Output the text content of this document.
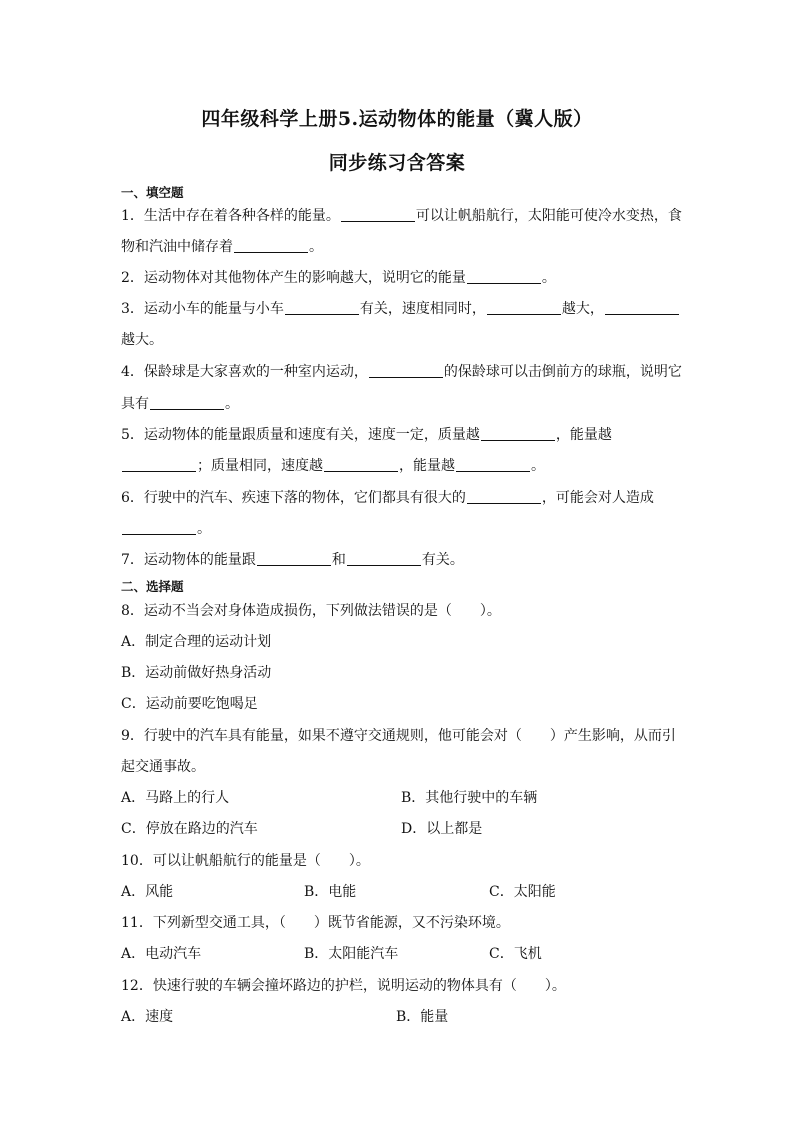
四年级科学上册5.运动物体的能量（冀人版）
同步练习含答案
一、填空题
1．生活中存在着各种各样的能量。	可以让帆船航行，太阳能可使冷水变热，食
物和汽油中储存着	。
2．运动物体对其他物体产生的影响越大，说明它的能量	。
3．运动小车的能量与小车	有关，速度相同时，	越大，
越大。
4．保龄球是大家喜欢的一种室内运动，	的保龄球可以击倒前方的球瓶，说明它
具有	。
5．运动物体的能量跟质量和速度有关，速度一定，质量越	，能量越
；质量相同，速度越	，能量越	。
6．行驶中的汽车、疾速下落的物体，它们都具有很大的	，可能会对人造成
。
7．运动物体的能量跟	和	有关。
二、选择题
8．运动不当会对身体造成损伤，下列做法错误的是（　　）。
A．制定合理的运动计划
B．运动前做好热身活动
C．运动前要吃饱喝足
9．行驶中的汽车具有能量，如果不遵守交通规则，他可能会对（　　）产生影响，从而引
起交通事故。
A．马路上的行人	B．其他行驶中的车辆
C．停放在路边的汽车	D．以上都是
10．可以让帆船航行的能量是（　　）。
A．风能	B．电能	C．太阳能
11．下列新型交通工具，（　　）既节省能源，又不污染环境。
A．电动汽车	B．太阳能汽车	C．飞机
12．快速行驶的车辆会撞坏路边的护栏，说明运动的物体具有（　　）。
A．速度	B．能量
